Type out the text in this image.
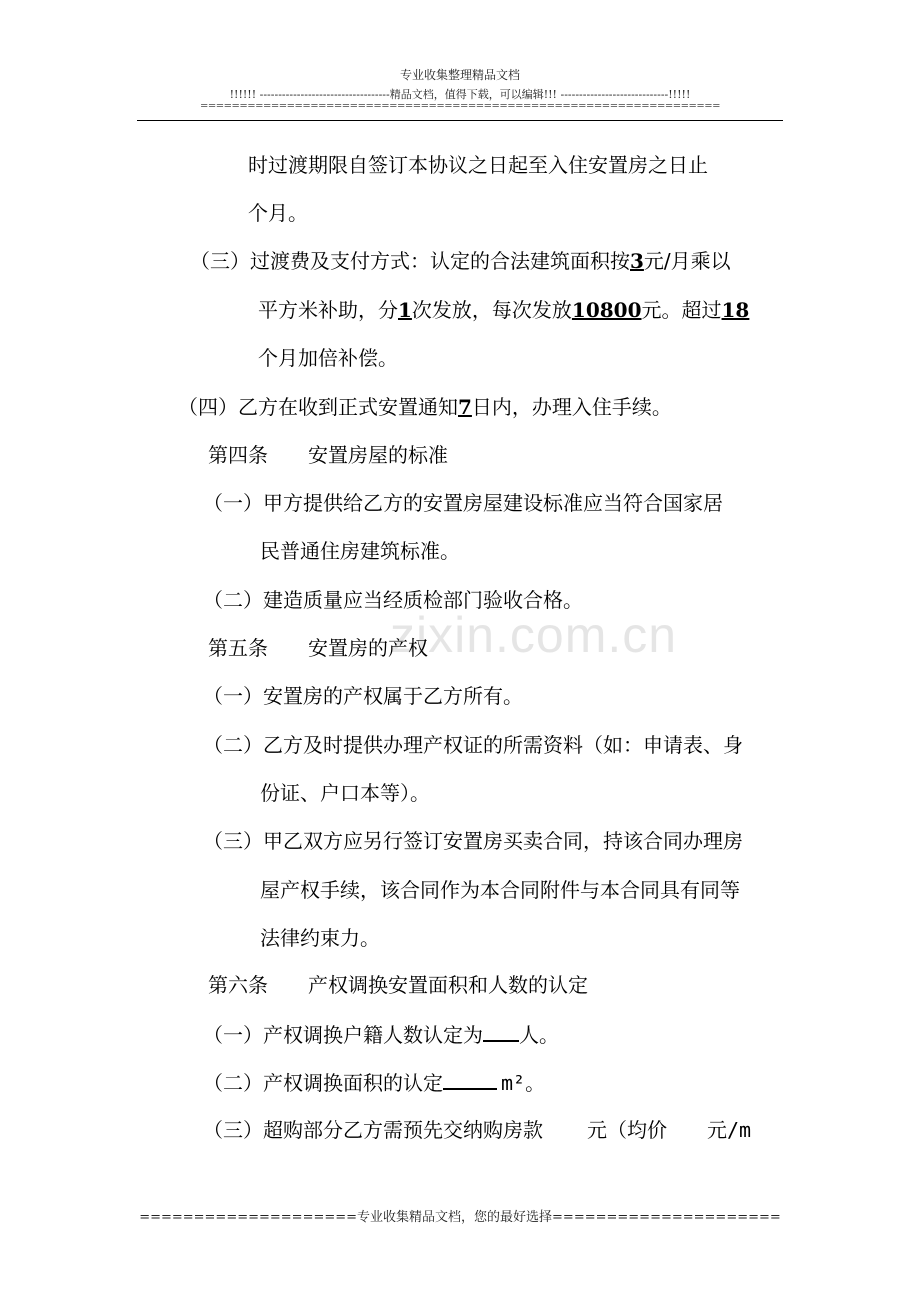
专业收集整理精品文档
!!!!!! -----------------------------------精品文档，值得下载，可以编辑!!! -----------------------------!!!!!
==================================================================
zixin.com.cn
时过渡期限自签订本协议之日起至入住安置房之日止
个月。
（三）过渡费及支付方式：认定的合法建筑面积按3元/月乘以
平方米补助，分1次发放，每次发放10800元。超过18
个月加倍补偿。
（四）乙方在收到正式安置通知7日内，办理入住手续。
第四条　　安置房屋的标准
（一）甲方提供给乙方的安置房屋建设标准应当符合国家居
民普通住房建筑标准。
（二）建造质量应当经质检部门验收合格。
第五条　　安置房的产权
（一）安置房的产权属于乙方所有。
（二）乙方及时提供办理产权证的所需资料（如：申请表、身
份证、户口本等）。
（三）甲乙双方应另行签订安置房买卖合同，持该合同办理房
屋产权手续，该合同作为本合同附件与本合同具有同等
法律约束力。
第六条　　产权调换安置面积和人数的认定
（一）产权调换户籍人数认定为 人。
（二）产权调换面积的认定	m²。
（三）超购部分乙方需预先交纳购房款 元（均价 元/m
====================专业收集精品文档，您的最好选择=====================
